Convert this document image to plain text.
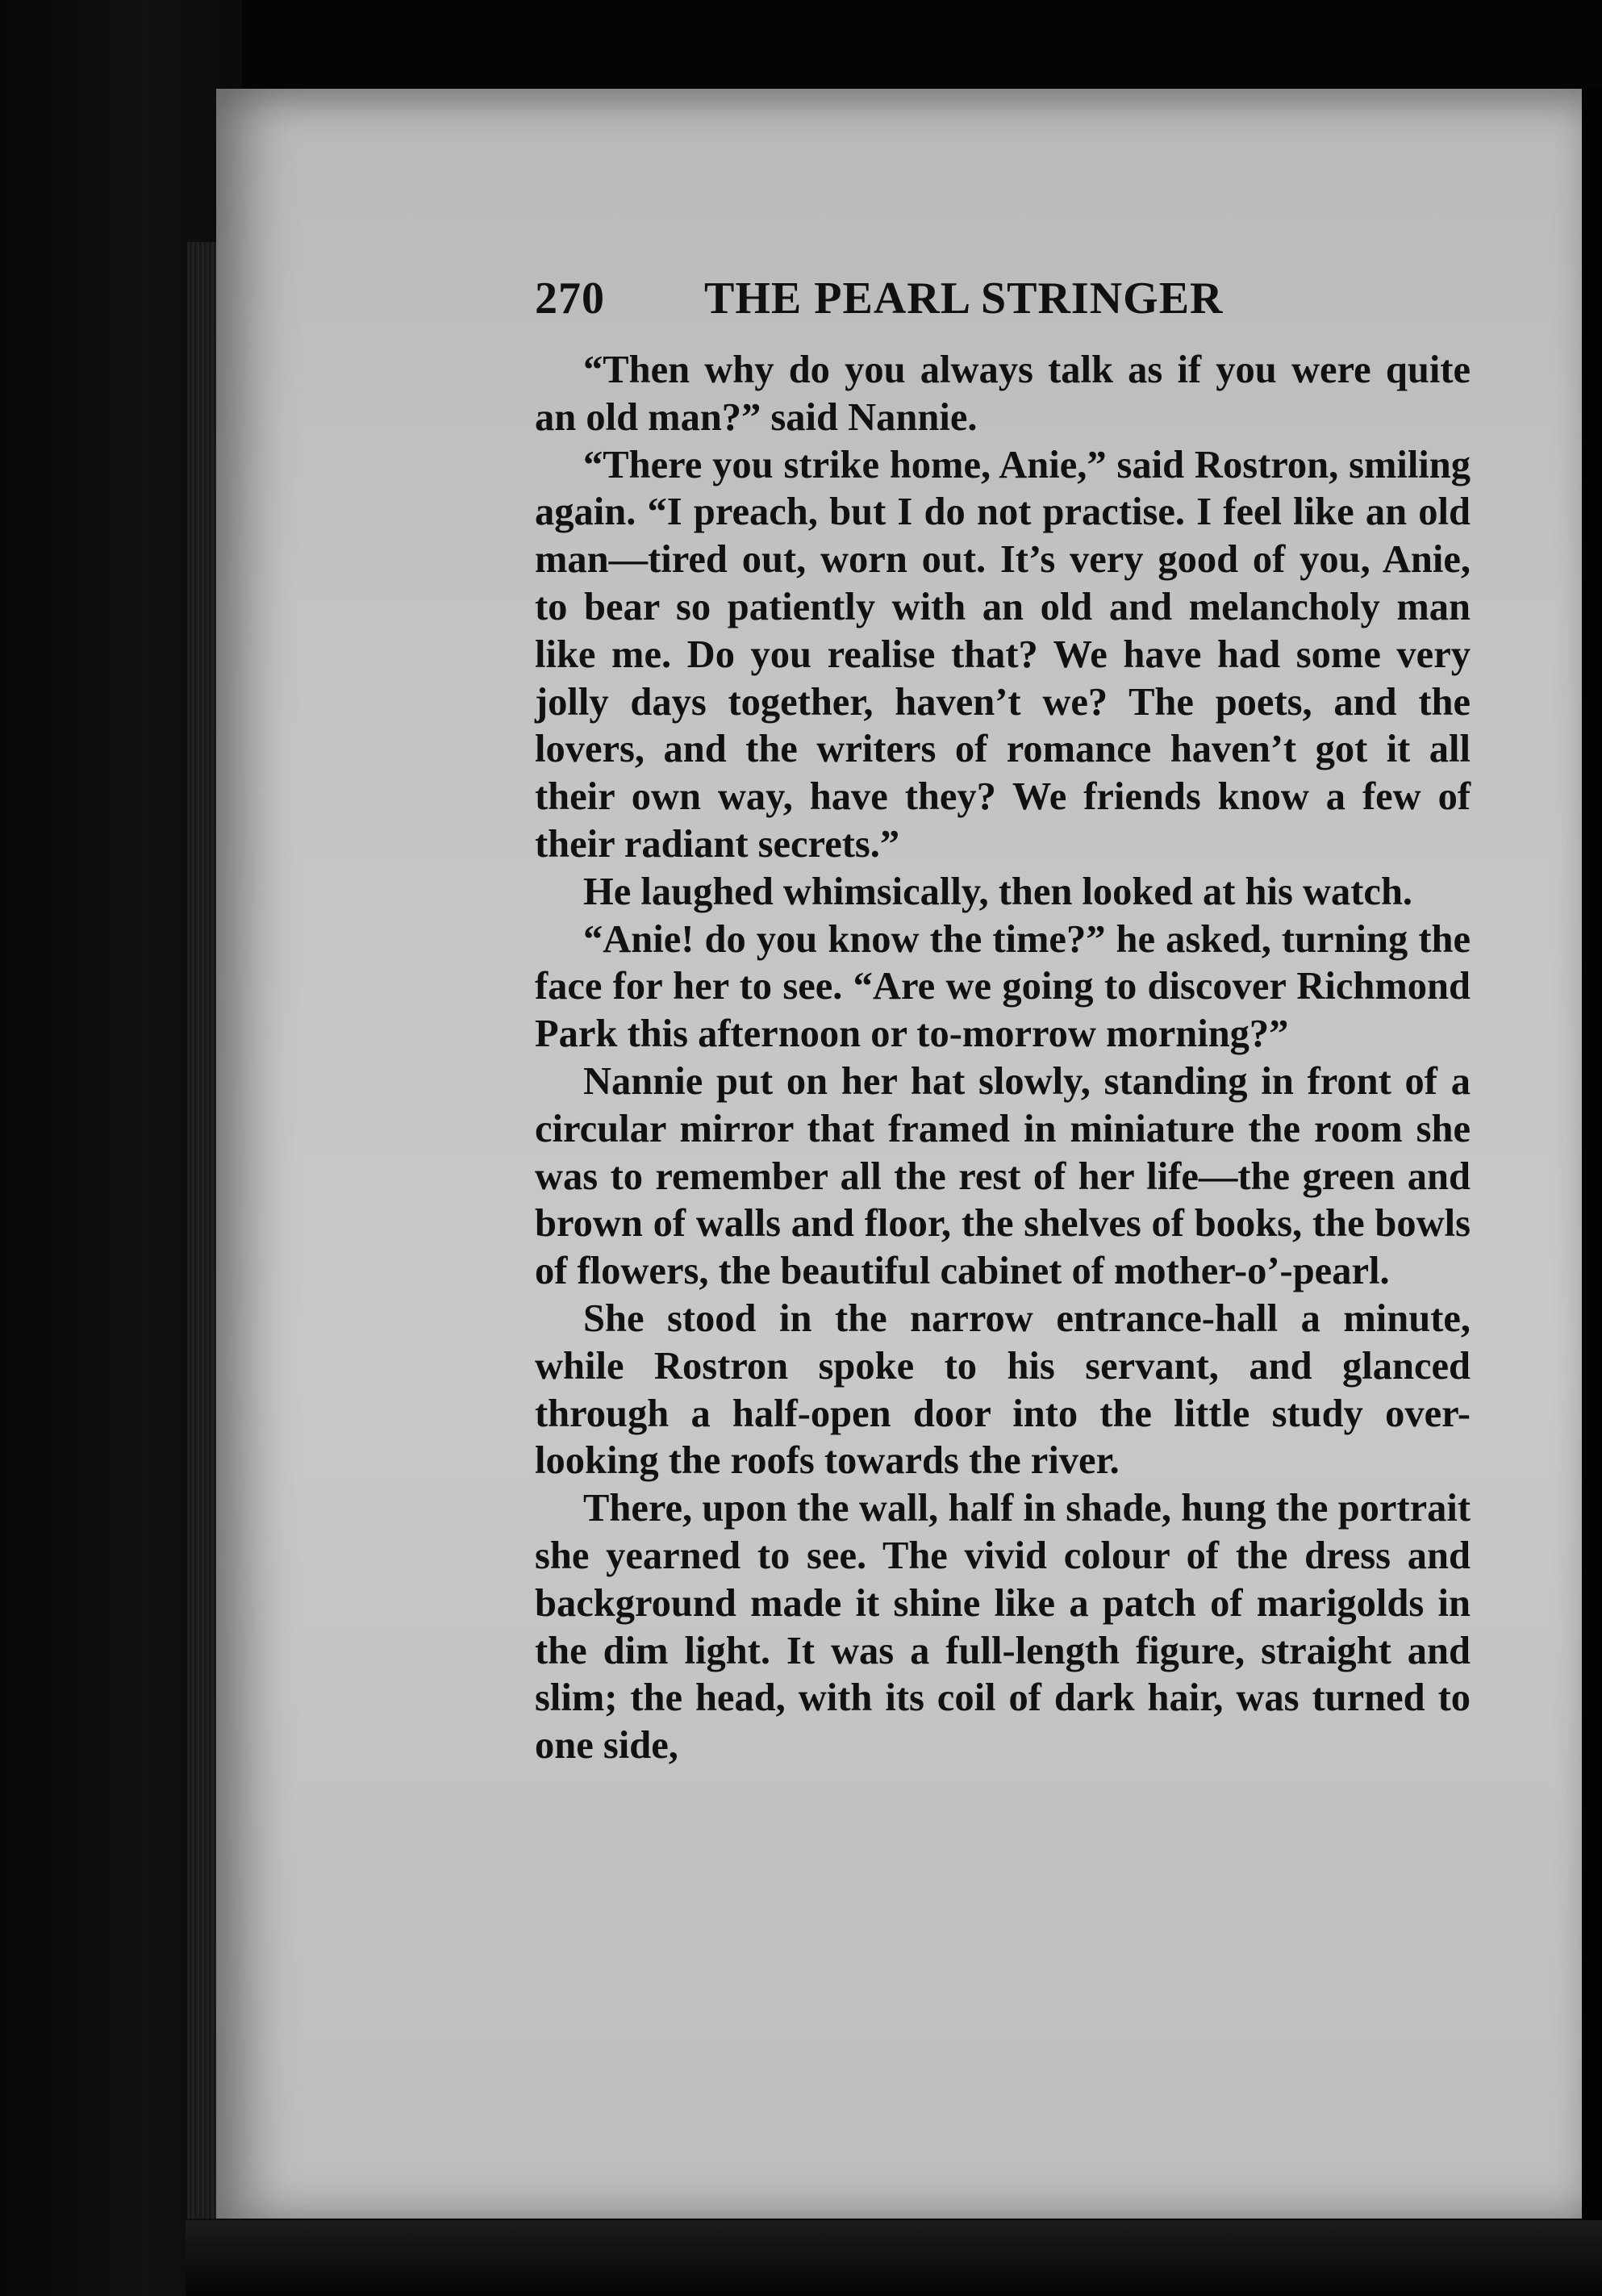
270	THE PEARL STRINGER

“Then why do you always talk as if you were quite an old man?” said Nannie.

“There you strike home, Anie,” said Rostron, smiling again. “I preach, but I do not practise. I feel like an old man—tired out, worn out. It’s very good of you, Anie, to bear so patiently with an old and melancholy man like me. Do you realise that? We have had some very jolly days together, haven’t we? The poets, and the lovers, and the writers of romance haven’t got it all their own way, have they? We friends know a few of their radiant secrets.”

He laughed whimsically, then looked at his watch.

“Anie! do you know the time?” he asked, turning the face for her to see. “Are we going to discover Richmond Park this afternoon or to-morrow morning?”

Nannie put on her hat slowly, standing in front of a circular mirror that framed in miniature the room she was to remember all the rest of her life—the green and brown of walls and floor, the shelves of books, the bowls of flowers, the beautiful cabinet of mother-o’-pearl.

She stood in the narrow entrance-hall a minute, while Rostron spoke to his servant, and glanced through a half-open door into the little study over-looking the roofs towards the river.

There, upon the wall, half in shade, hung the portrait she yearned to see. The vivid colour of the dress and background made it shine like a patch of marigolds in the dim light. It was a full-length figure, straight and slim; the head, with its coil of dark hair, was turned to one side,
